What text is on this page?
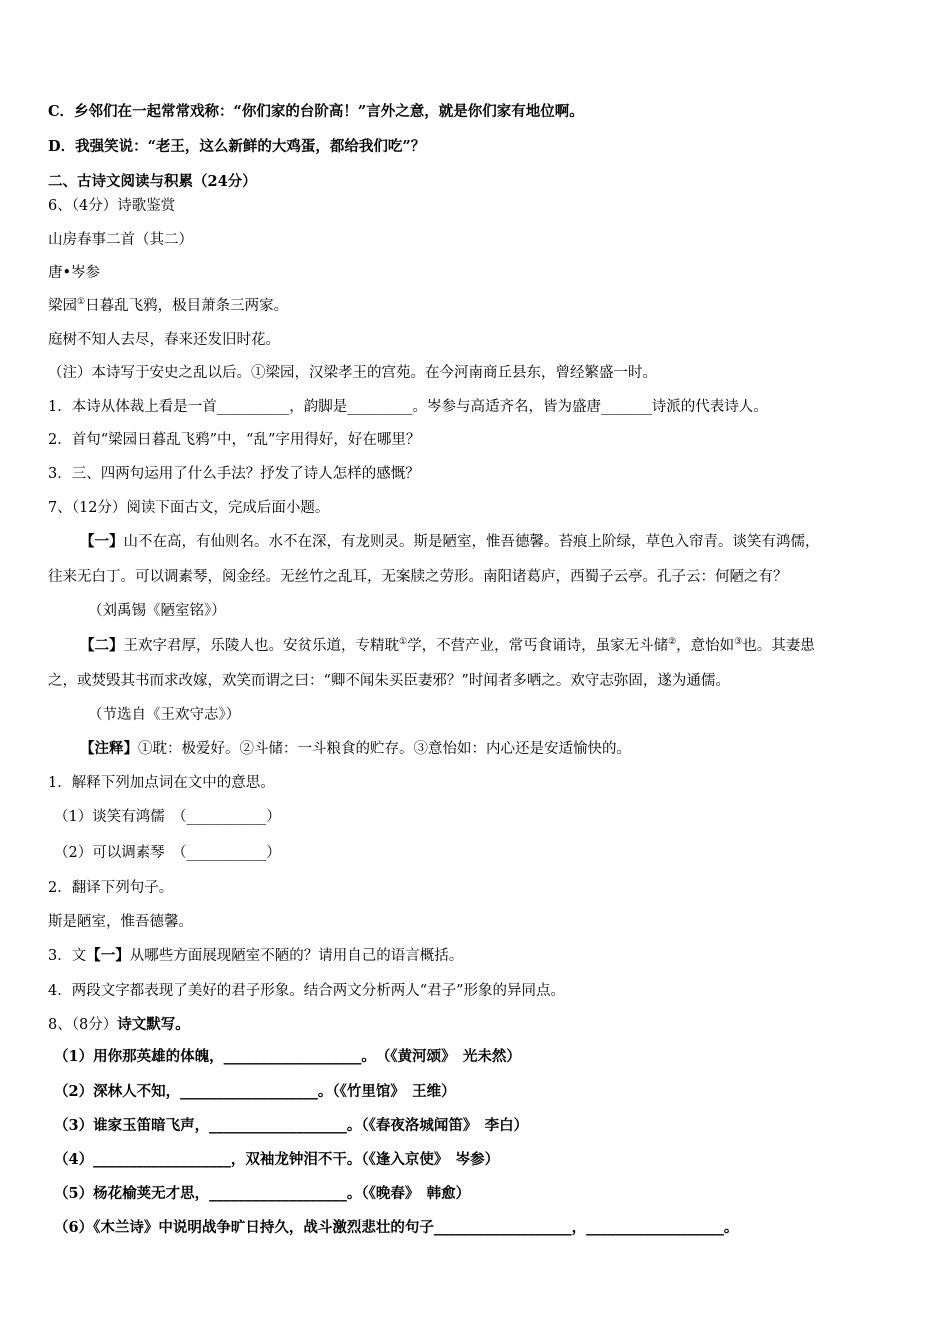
C．乡邻们在一起常常戏称：“你们家的台阶高！”言外之意，就是你们家有地位啊。
D．我强笑说：“老王，这么新鲜的大鸡蛋，都给我们吃”？
二、古诗文阅读与积累（24分）
6、（4分）诗歌鉴赏
山房春事二首（其二）
唐•岑参
梁园①日暮乱飞鸦，极目萧条三两家。
庭树不知人去尽，春来还发旧时花。
（注）本诗写于安史之乱以后。①梁园，汉梁孝王的宫苑。在今河南商丘县东，曾经繁盛一时。
1．本诗从体裁上看是一首__________，韵脚是_________。岑参与高适齐名，皆为盛唐_______诗派的代表诗人。
2．首句“梁园日暮乱飞鸦”中，“乱”字用得好，好在哪里？
3．三、四两句运用了什么手法？抒发了诗人怎样的感慨？
7、（12分）阅读下面古文，完成后面小题。
【一】山不在高，有仙则名。水不在深，有龙则灵。斯是陋室，惟吾德馨。苔痕上阶绿，草色入帘青。谈笑有鸿儒，
往来无白丁。可以调素琴，阅金经。无丝竹之乱耳，无案牍之劳形。南阳诸葛庐，西蜀子云亭。孔子云：何陋之有？
（刘禹锡《陋室铭》）
【二】王欢字君厚，乐陵人也。安贫乐道，专精耽①学，不营产业，常丐食诵诗，虽家无斗储②，意怡如③也。其妻患
之，或焚毁其书而求改嫁，欢笑而谓之曰：“卿不闻朱买臣妻邪？”时闻者多哂之。欢守志弥固，遂为通儒。
（节选自《王欢守志》）
【注释】①耽：极爱好。②斗储：一斗粮食的贮存。③意怡如：内心还是安适愉快的。
1．解释下列加点词在文中的意思。
（1）谈笑有鸿儒　（___________）
（2）可以调素琴　（___________）
2．翻译下列句子。
斯是陋室，惟吾德馨。
3．文【一】从哪些方面展现陋室不陋的？请用自己的语言概括。
4．两段文字都表现了美好的君子形象。结合两文分析两人“君子”形象的异同点。
8、（8分）诗文默写。
（1）用你那英雄的体魄，___________________。　（《黄河颂》　光未然）
（2）深林人不知，___________________。（《竹里馆》　王维）
（3）谁家玉笛暗飞声，___________________。（《春夜洛城闻笛》　李白）
（4）___________________，双袖龙钟泪不干。（《逢入京使》　岑参）
（5）杨花榆荚无才思，___________________。（《晚春》　韩愈）
（6）《木兰诗》中说明战争旷日持久，战斗激烈悲壮的句子___________________，___________________。
